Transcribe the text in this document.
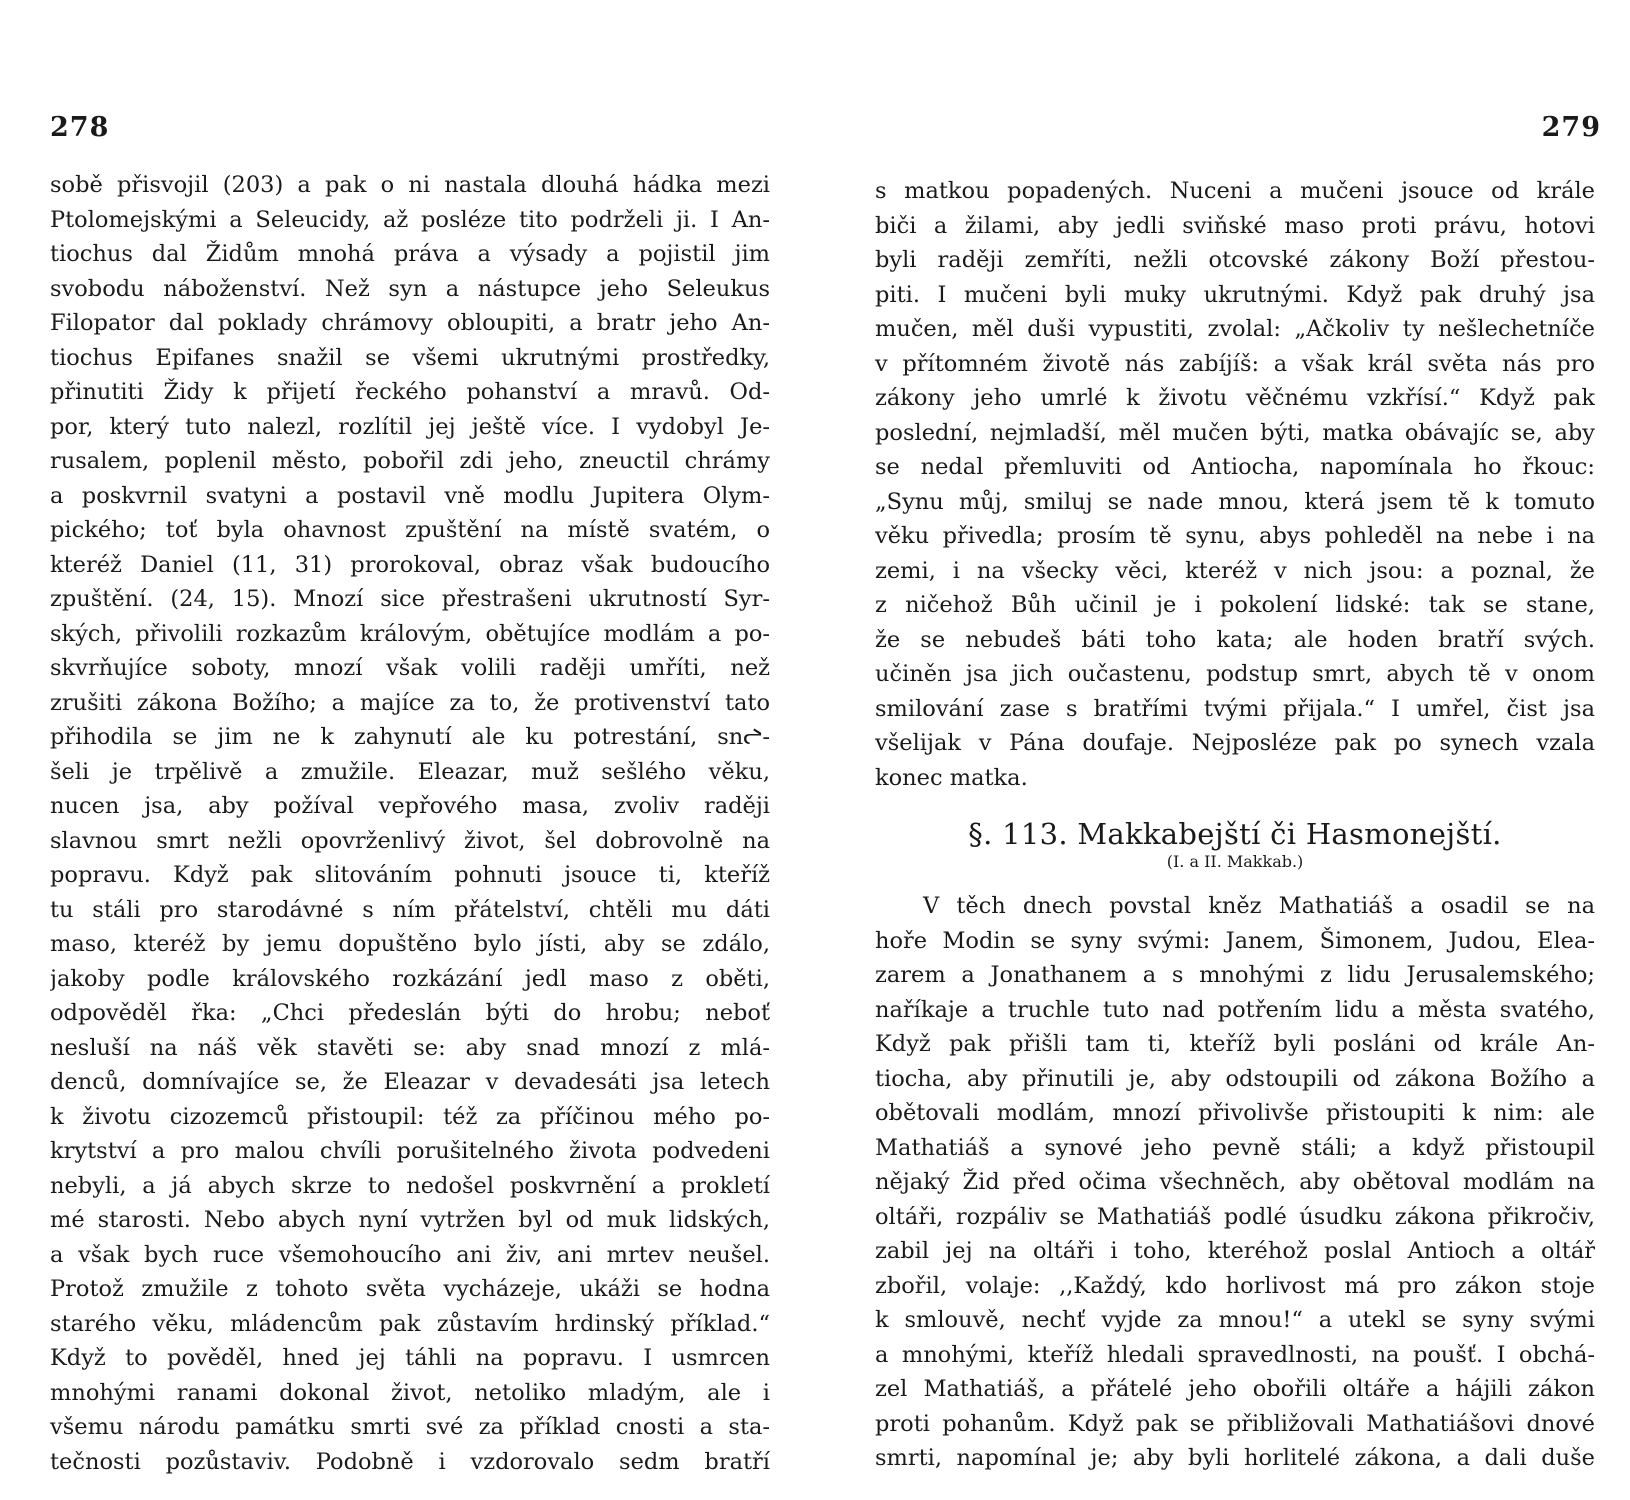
278
sobě přisvojil (203) a pak o ni nastala dlouhá hádka mezi
Ptolomejskými a Seleucidy, až posléze tito podrželi ji. I An-
tiochus dal Židům mnohá práva a výsady a pojistil jim
svobodu náboženství. Než syn a nástupce jeho Seleukus
Filopator dal poklady chrámovy obloupiti, a bratr jeho An-
tiochus Epifanes snažil se všemi ukrutnými prostředky,
přinutiti Židy k přijetí řeckého pohanství a mravů. Od-
por, který tuto nalezl, rozlítil jej ještě více. I vydobyl Je-
rusalem, poplenil město, pobořil zdi jeho, zneuctil chrámy
a poskvrnil svatyni a postavil vně modlu Jupitera Olym-
pického; toť byla ohavnost zpuštění na místě svatém, o
kteréž Daniel (11, 31) prorokoval, obraz však budoucího
zpuštění. (24, 15). Mnozí sice přestrašeni ukrutností Syr-
ských, přivolili rozkazům královým, obětujíce modlám a po-
skvrňujíce soboty, mnozí však volili raději umříti, než
zrušiti zákona Božího; a majíce za to, že protivenství tato
přihodila se jim ne k zahynutí ale ku potrestání, snᖠ-
šeli je trpělivě a zmužile. Eleazar, muž sešlého věku,
nucen jsa, aby požíval vepřového masa, zvoliv raději
slavnou smrt nežli opovrženlivý život, šel dobrovolně na
popravu. Když pak slitováním pohnuti jsouce ti, kteříž
tu stáli pro starodávné s ním přátelství, chtěli mu dáti
maso, kteréž by jemu dopuštěno bylo jísti, aby se zdálo,
jakoby podle královského rozkázání jedl maso z oběti,
odpověděl řka: „Chci předeslán býti do hrobu; neboť
nesluší na náš věk stavěti se: aby snad mnozí z mlá-
denců, domnívajíce se, že Eleazar v devadesáti jsa letech
k životu cizozemců přistoupil: též za příčinou mého po-
krytství a pro malou chvíli porušitelného života podvedeni
nebyli, a já abych skrze to nedošel poskvrnění a prokletí
mé starosti. Nebo abych nyní vytržen byl od muk lidských,
a však bych ruce všemohoucího ani živ, ani mrtev neušel.
Protož zmužile z tohoto světa vycházeje, ukáži se hodna
starého věku, mládencům pak zůstavím hrdinský příklad.“
Když to pověděl, hned jej táhli na popravu. I usmrcen
mnohými ranami dokonal život, netoliko mladým, ale i
všemu národu památku smrti své za příklad cnosti a sta-
tečnosti pozůstaviv. Podobně i vzdorovalo sedm bratří
279
s matkou popadených. Nuceni a mučeni jsouce od krále
biči a žilami, aby jedli sviňské maso proti právu, hotovi
byli raději zemříti, nežli otcovské zákony Boží přestou-
piti. I mučeni byli muky ukrutnými. Když pak druhý jsa
mučen, měl duši vypustiti, zvolal: „Ačkoliv ty nešlechetníče
v přítomném životě nás zabíjíš: a však král světa nás pro
zákony jeho umrlé k životu věčnému vzkřísí.“ Když pak
poslední, nejmladší, měl mučen býti, matka obávajíc se, aby
se nedal přemluviti od Antiocha, napomínala ho řkouc:
„Synu můj, smiluj se nade mnou, která jsem tě k tomuto
věku přivedla; prosím tě synu, abys pohleděl na nebe i na
zemi, i na všecky věci, kteréž v nich jsou: a poznal, že
z ničehož Bůh učinil je i pokolení lidské: tak se stane,
že se nebudeš báti toho kata; ale hoden bratří svých.
učiněn jsa jich oučastenu, podstup smrt, abych tě v onom
smilování zase s bratřími tvými přijala.“ I umřel, čist jsa
všelijak v Pána doufaje. Nejposléze pak po synech vzala
konec matka.
§. 113. Makkabejští či Hasmonejští.
(I. a II. Makkab.)
V těch dnech povstal kněz Mathatiáš a osadil se na
hoře Modin se syny svými: Janem, Šimonem, Judou, Elea-
zarem a Jonathanem a s mnohými z lidu Jerusalemského;
naříkaje a truchle tuto nad potřením lidu a města svatého,
Když pak přišli tam ti, kteříž byli posláni od krále An-
tiocha, aby přinutili je, aby odstoupili od zákona Božího a
obětovali modlám, mnozí přivolivše přistoupiti k nim: ale
Mathatiáš a synové jeho pevně stáli; a když přistoupil
nějaký Žid před očima všechněch, aby obětoval modlám na
oltáři, rozpáliv se Mathatiáš podlé úsudku zákona přikročiv,
zabil jej na oltáři i toho, kteréhož poslal Antioch a oltář
zbořil, volaje: ,,Každý, kdo horlivost má pro zákon stoje
k smlouvě, nechť vyjde za mnou!“ a utekl se syny svými
a mnohými, kteříž hledali spravedlnosti, na poušť. I obchá-
zel Mathatiáš, a přátelé jeho obořili oltáře a hájili zákon
proti pohanům. Když pak se přibližovali Mathatiášovi dnové
smrti, napomínal je; aby byli horlitelé zákona, a dali duše
